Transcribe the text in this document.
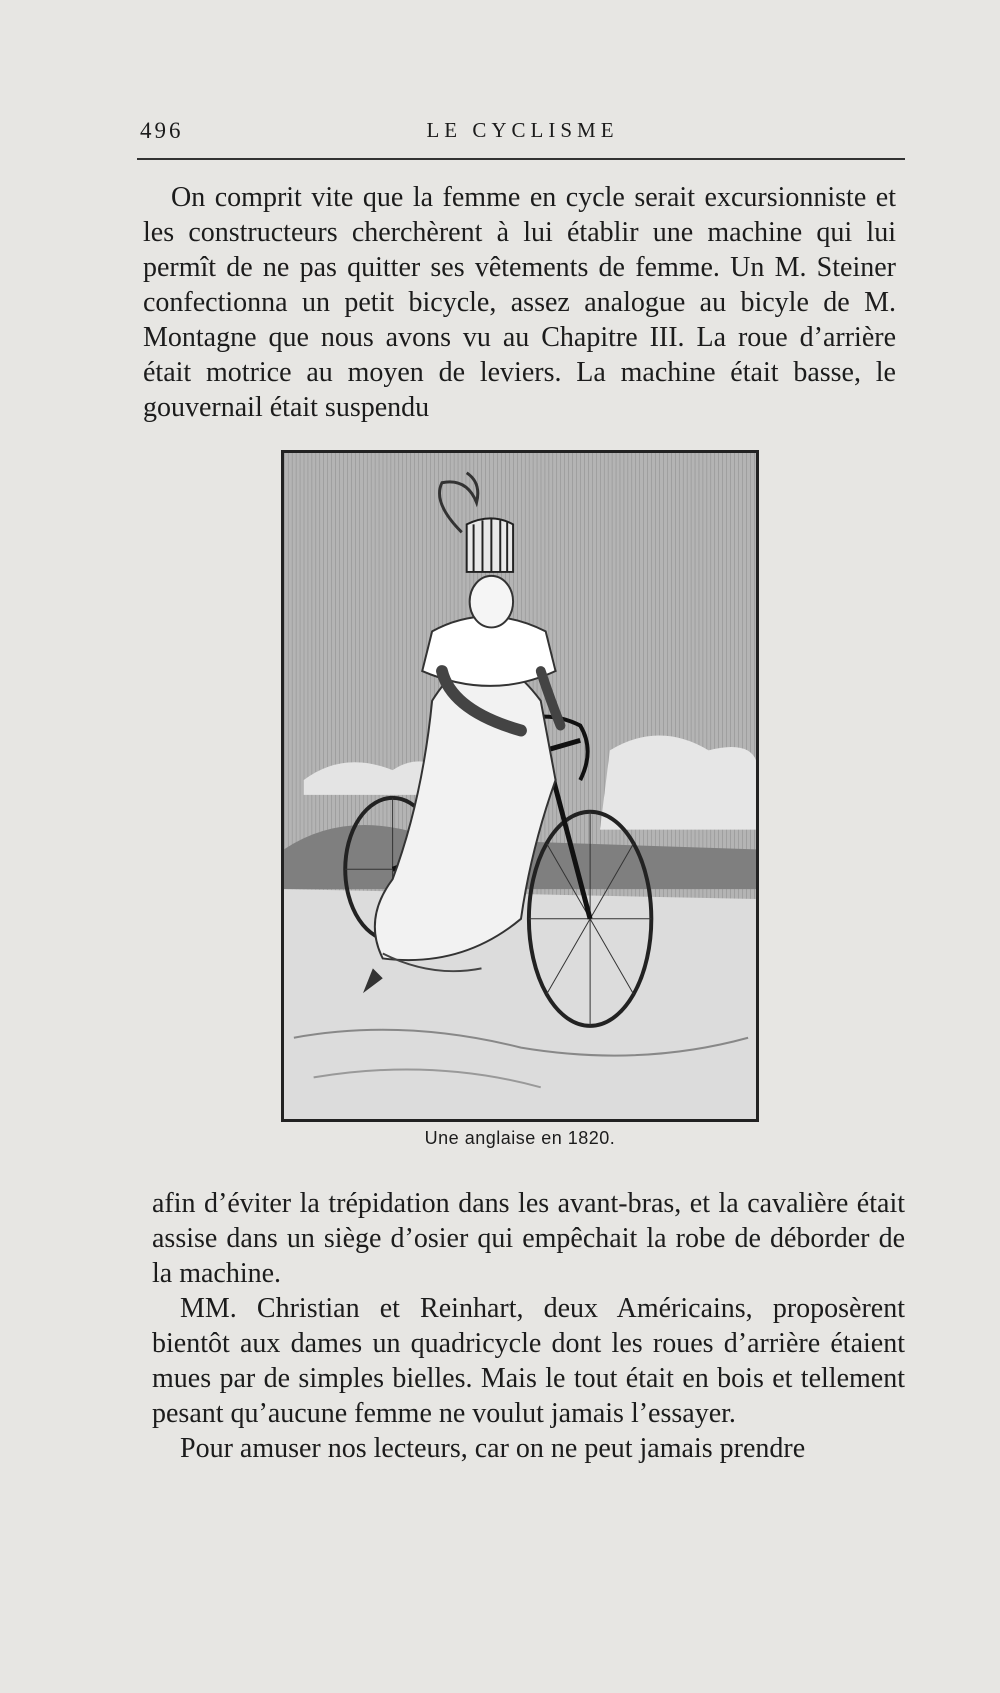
496	LE CYCLISME

On comprit vite que la femme en cycle serait excursionniste et les constructeurs cherchèrent à lui établir une machine qui lui permît de ne pas quitter ses vêtements de femme. Un M. Steiner confectionna un petit bicycle, assez analogue au bicyle de M. Montagne que nous avons vu au Chapitre III. La roue d’arrière était motrice au moyen de leviers. La machine était basse, le gouvernail était suspendu

Une anglaise en 1820.

afin d’éviter la trépidation dans les avant-bras, et la cavalière était assise dans un siège d’osier qui empêchait la robe de déborder de la machine.

MM. Christian et Reinhart, deux Américains, proposèrent bientôt aux dames un quadricycle dont les roues d’arrière étaient mues par de simples bielles. Mais le tout était en bois et tellement pesant qu’aucune femme ne voulut jamais l’essayer.

Pour amuser nos lecteurs, car on ne peut jamais prendre
